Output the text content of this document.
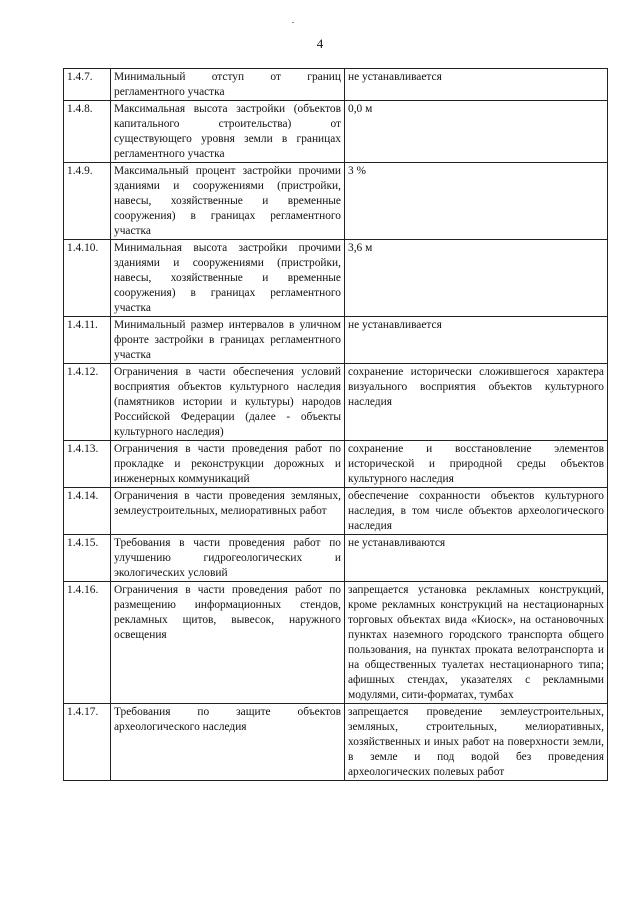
4
1.4.7.	Минимальный отступ от границ регламентного участка	не устанавливается
1.4.8.	Максимальная высота застройки (объектов капитального строительства) от существующего уровня земли в границах регламентного участка	0,0 м
1.4.9.	Максимальный процент застройки прочими зданиями и сооружениями (пристройки, навесы, хозяйственные и временные сооружения) в границах регламентного участка	3 %
1.4.10.	Минимальная высота застройки прочими зданиями и сооружениями (пристройки, навесы, хозяйственные и временные сооружения) в границах регламентного участка	3,6 м
1.4.11.	Минимальный размер интервалов в уличном фронте застройки в границах регламентного участка	не устанавливается
1.4.12.	Ограничения в части обеспечения условий восприятия объектов культурного наследия (памятников истории и культуры) народов Российской Федерации (далее - объекты культурного наследия)	сохранение исторически сложившегося характера визуального восприятия объектов культурного наследия
1.4.13.	Ограничения в части проведения работ по прокладке и реконструкции дорожных и инженерных коммуникаций	сохранение и восстановление элементов исторической и природной среды объектов культурного наследия
1.4.14.	Ограничения в части проведения земляных, землеустроительных, мелиоративных работ	обеспечение сохранности объектов культурного наследия, в том числе объектов археологического наследия
1.4.15.	Требования в части проведения работ по улучшению гидрогеологических и экологических условий	не устанавливаются
1.4.16.	Ограничения в части проведения работ по размещению информационных стендов, рекламных щитов, вывесок, наружного освещения	запрещается установка рекламных конструкций, кроме рекламных конструкций на нестационарных торговых объектах вида «Киоск», на остановочных пунктах наземного городского транспорта общего пользования, на пунктах проката велотранспорта и на общественных туалетах нестационарного типа; афишных стендах, указателях с рекламными модулями, сити-форматах, тумбах
1.4.17.	Требования по защите объектов археологического наследия	запрещается проведение землеустроительных, земляных, строительных, мелиоративных, хозяйственных и иных работ на поверхности земли, в земле и под водой без проведения археологических полевых работ
